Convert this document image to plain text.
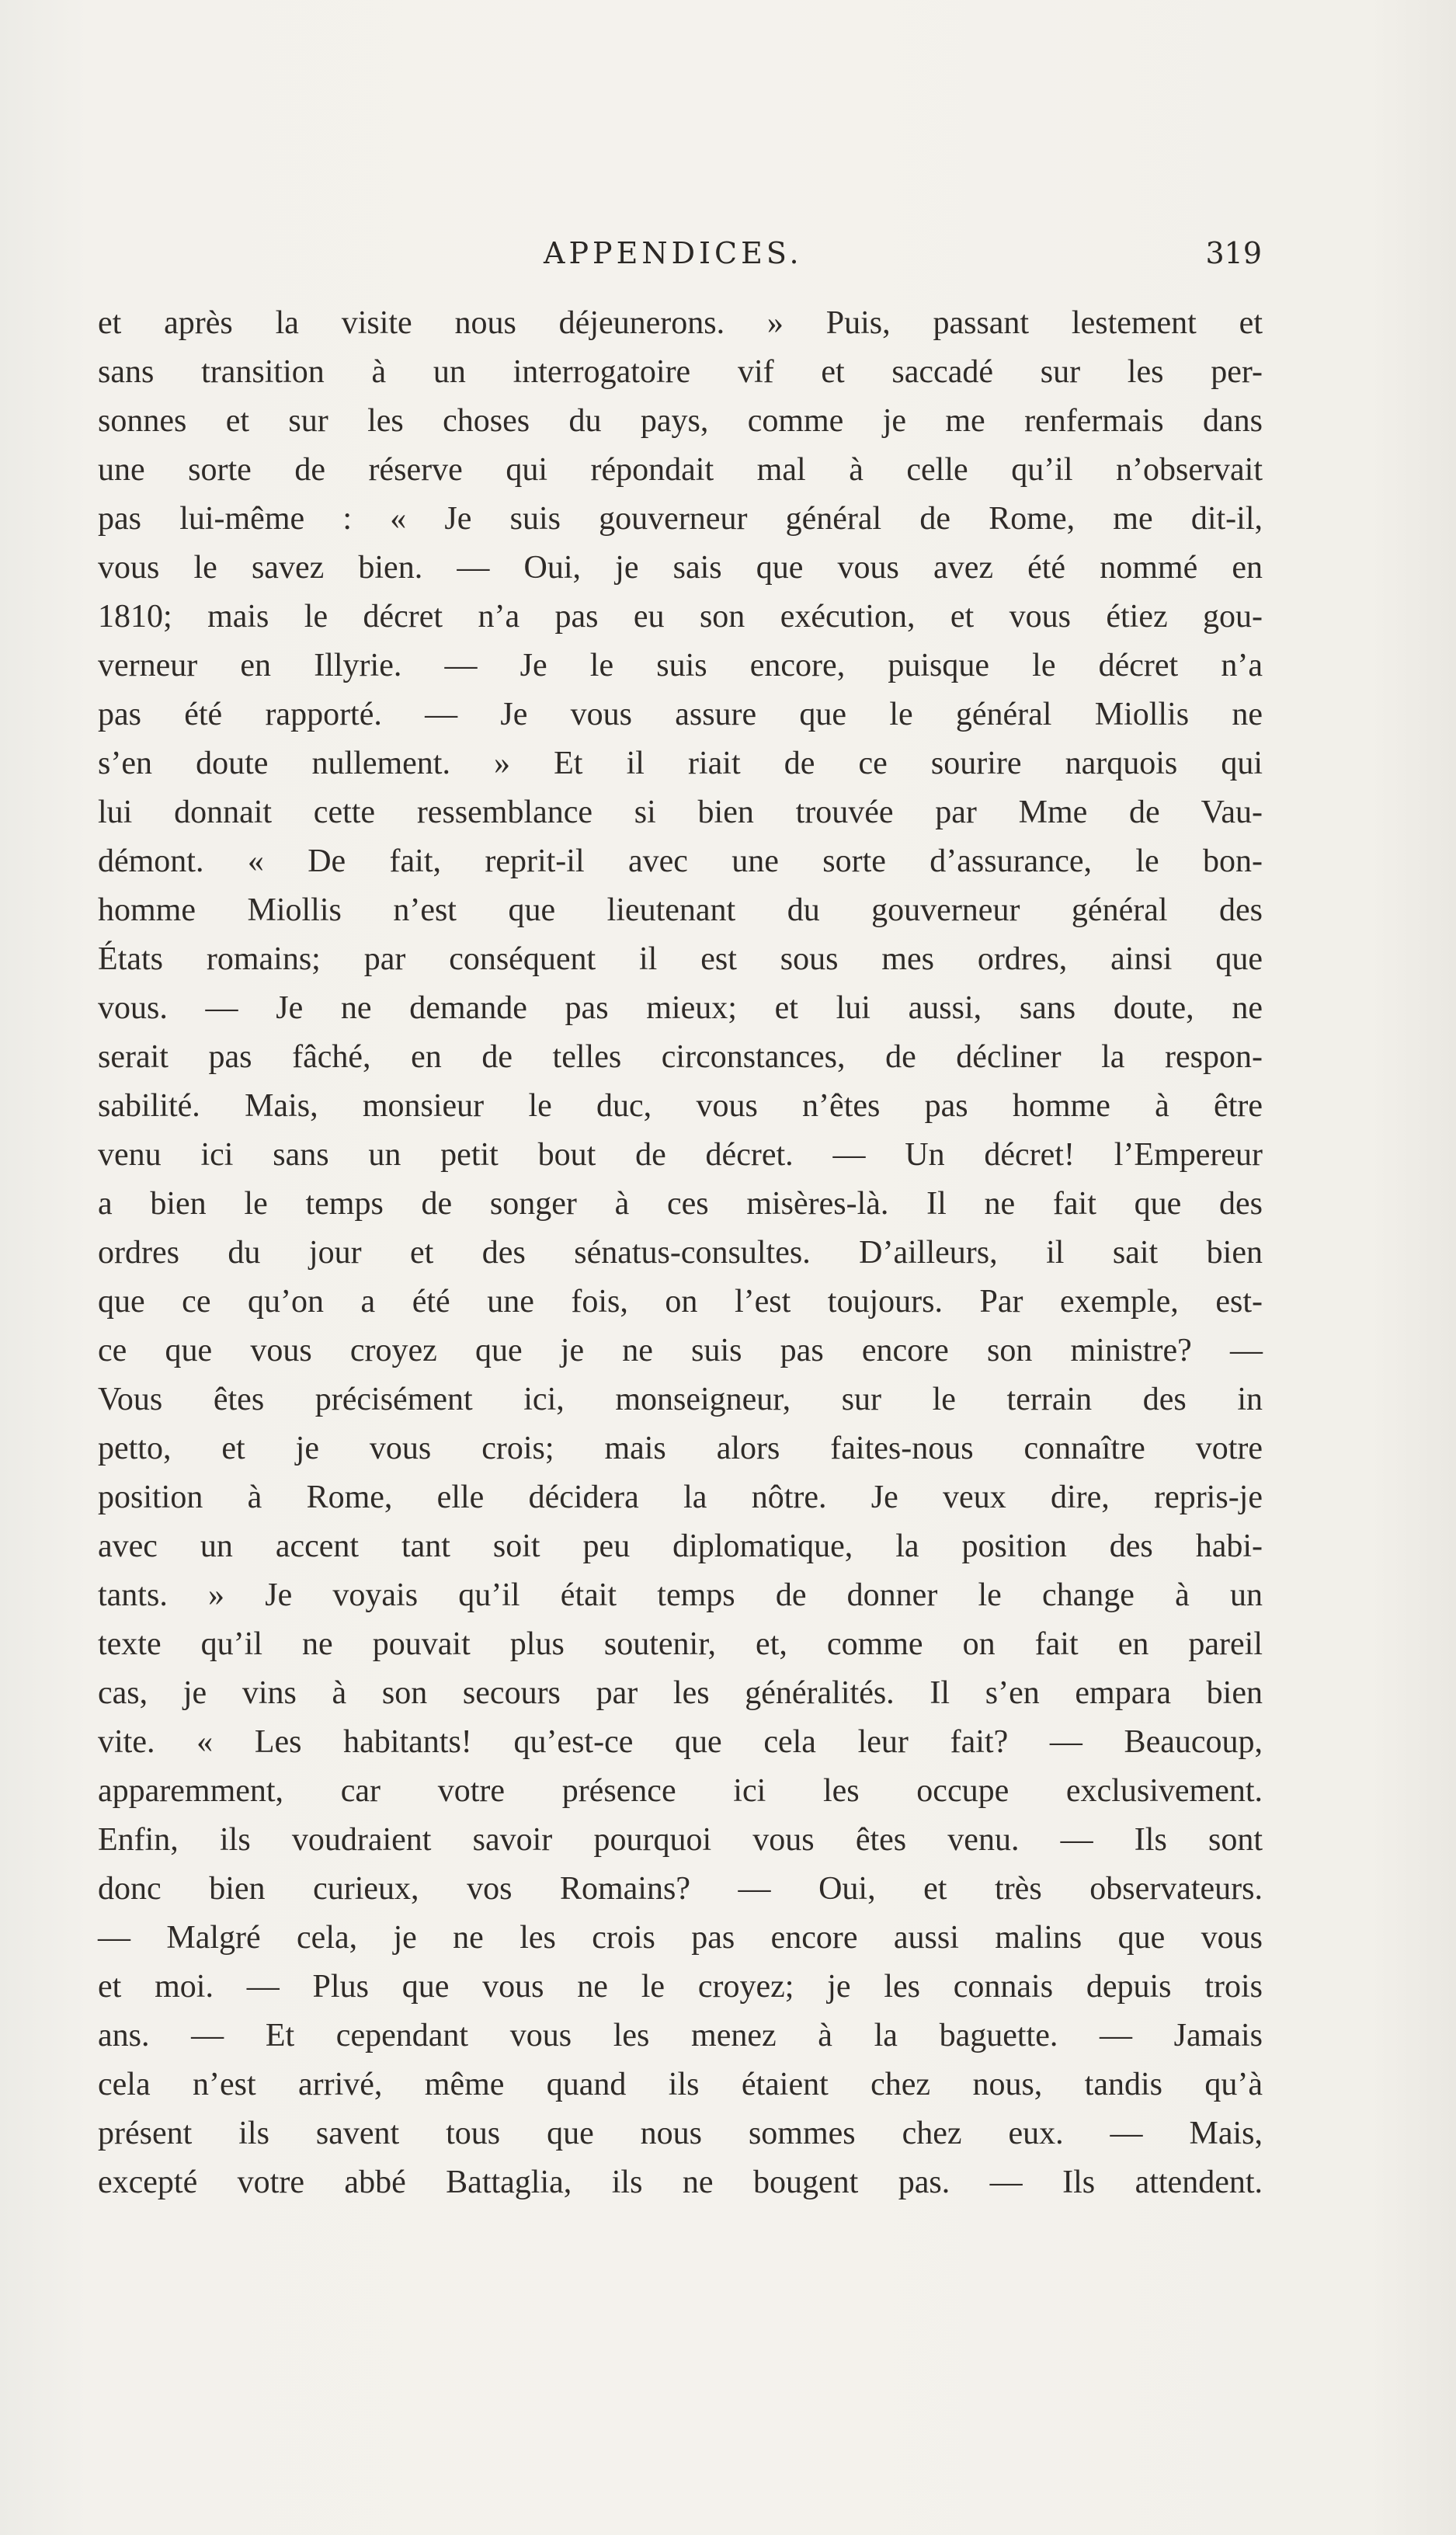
APPENDICES.	319
et après la visite nous déjeunerons. » Puis, passant lestement et
sans transition à un interrogatoire vif et saccadé sur les per-
sonnes et sur les choses du pays, comme je me renfermais dans
une sorte de réserve qui répondait mal à celle qu’il n’observait
pas lui-même : « Je suis gouverneur général de Rome, me dit-il,
vous le savez bien. — Oui, je sais que vous avez été nommé en
1810; mais le décret n’a pas eu son exécution, et vous étiez gou-
verneur en Illyrie. — Je le suis encore, puisque le décret n’a
pas été rapporté. — Je vous assure que le général Miollis ne
s’en doute nullement. » Et il riait de ce sourire narquois qui
lui donnait cette ressemblance si bien trouvée par Mme de Vau-
démont. « De fait, reprit-il avec une sorte d’assurance, le bon-
homme Miollis n’est que lieutenant du gouverneur général des
États romains; par conséquent il est sous mes ordres, ainsi que
vous. — Je ne demande pas mieux; et lui aussi, sans doute, ne
serait pas fâché, en de telles circonstances, de décliner la respon-
sabilité. Mais, monsieur le duc, vous n’êtes pas homme à être
venu ici sans un petit bout de décret. — Un décret! l’Empereur
a bien le temps de songer à ces misères-là. Il ne fait que des
ordres du jour et des sénatus-consultes. D’ailleurs, il sait bien
que ce qu’on a été une fois, on l’est toujours. Par exemple, est-
ce que vous croyez que je ne suis pas encore son ministre? —
Vous êtes précisément ici, monseigneur, sur le terrain des in
petto, et je vous crois; mais alors faites-nous connaître votre
position à Rome, elle décidera la nôtre. Je veux dire, repris-je
avec un accent tant soit peu diplomatique, la position des habi-
tants. » Je voyais qu’il était temps de donner le change à un
texte qu’il ne pouvait plus soutenir, et, comme on fait en pareil
cas, je vins à son secours par les généralités. Il s’en empara bien
vite. « Les habitants! qu’est-ce que cela leur fait? — Beaucoup,
apparemment, car votre présence ici les occupe exclusivement.
Enfin, ils voudraient savoir pourquoi vous êtes venu. — Ils sont
donc bien curieux, vos Romains? — Oui, et très observateurs.
— Malgré cela, je ne les crois pas encore aussi malins que vous
et moi. — Plus que vous ne le croyez; je les connais depuis trois
ans. — Et cependant vous les menez à la baguette. — Jamais
cela n’est arrivé, même quand ils étaient chez nous, tandis qu’à
présent ils savent tous que nous sommes chez eux. — Mais,
excepté votre abbé Battaglia, ils ne bougent pas. — Ils attendent.
